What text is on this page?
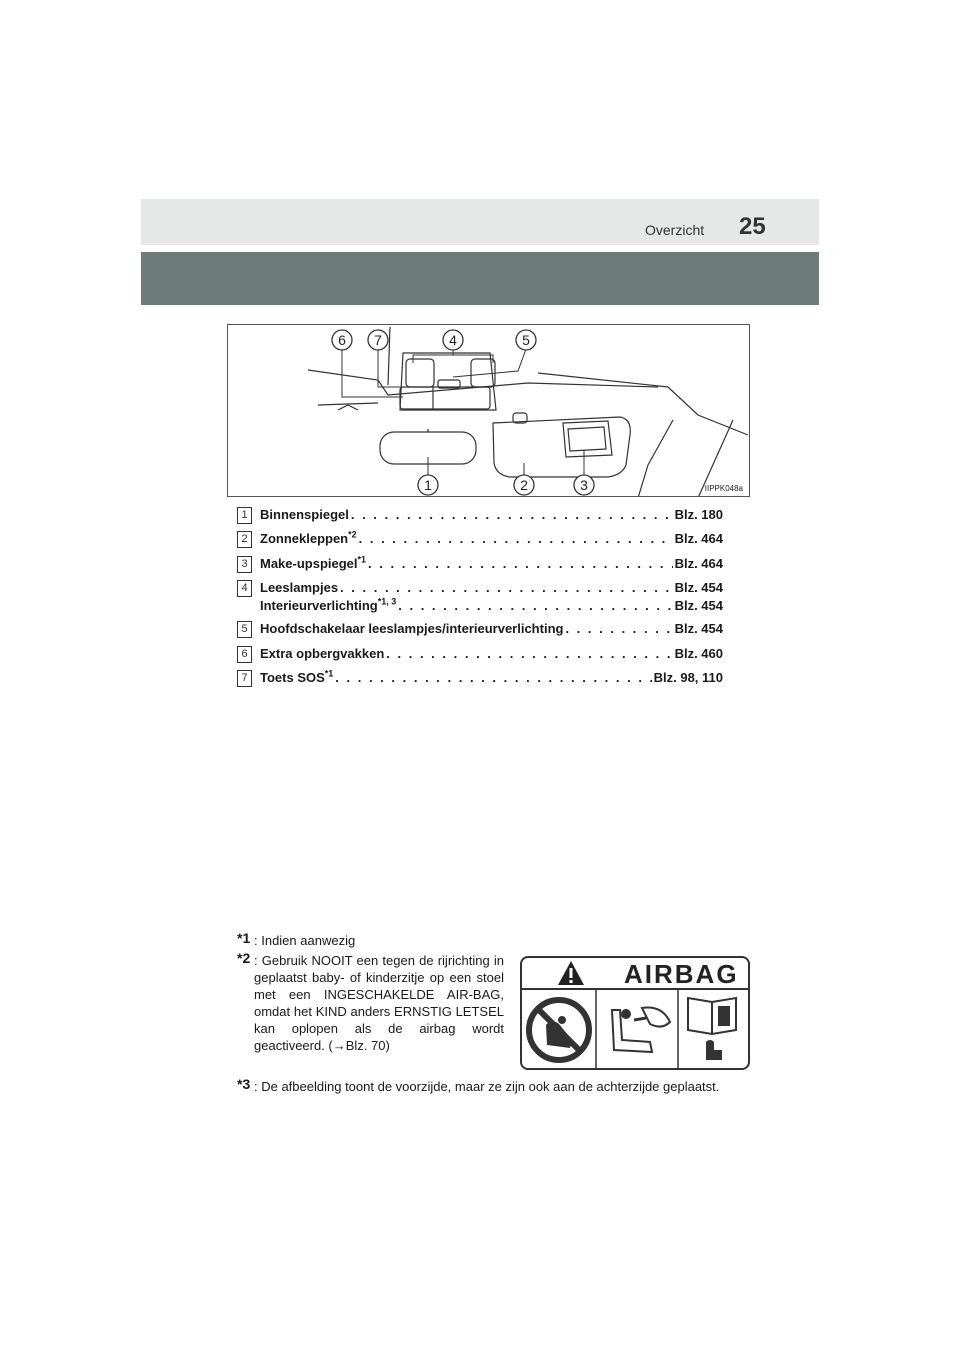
Overzicht 25
6 7	4	5
1	2	3	IIPPK048a
1 Binnenspiegel . . .	Blz. 180
2 Zonnekleppen$^{*2}$ . . .	Blz. 464
3 Make-upspiegel$^{*1}$ . . .	Blz. 464
4 Leeslampjes . . .	Blz. 454
Interieurverlichting$^{*1, 3}$ . . .	Blz. 454
5 Hoofdschakelaar leeslampjes/interieurverlichting . . .	Blz. 454
6 Extra opbergvakken . . .	Blz. 460
7 Toets SOS$^{*1}$ . . .	Blz. 98, 110
*1 : Indien aanwezig
*2 : Gebruik NOOIT een tegen de rijrichting in geplaatst baby- of kinderzitje op een stoel met een INGESCHAKELDE AIR-BAG, omdat het KIND anders ERNSTIG LETSEL kan oplopen als de airbag wordt geactiveerd. (→Blz. 70)
*3 : De afbeelding toont de voorzijde, maar ze zijn ook aan de achterzijde geplaatst.
AIRBAG
